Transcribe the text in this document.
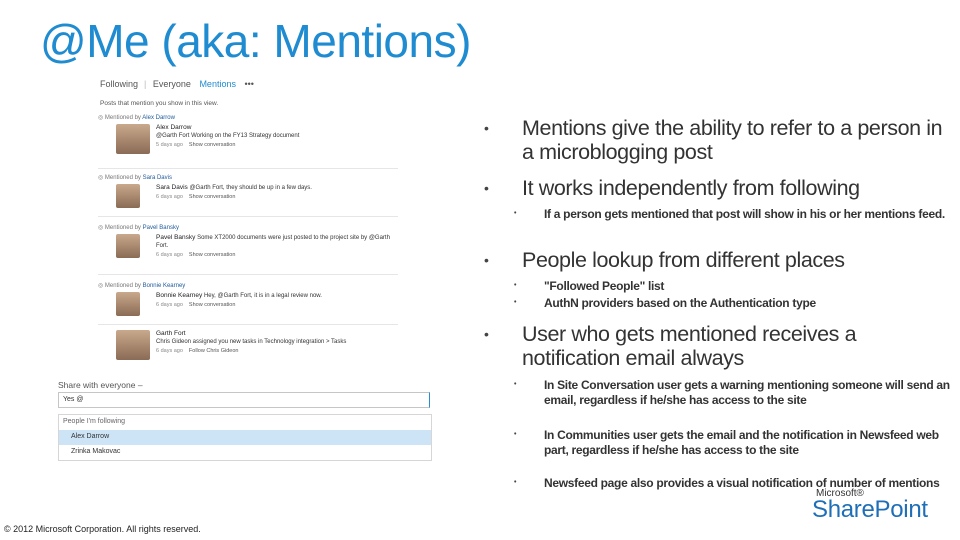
@Me (aka: Mentions)
Following | Everyone Mentions •••
Posts that mention you show in this view.
◎ Mentioned by Alex Darrow
Alex Darrow
@Garth Fort Working on the FY13 Strategy document
5 days ago Show conversation
◎ Mentioned by Sara Davis
Sara Davis @Garth Fort, they should be up in a few days.
6 days ago Show conversation
◎ Mentioned by Pavel Bansky
Pavel Bansky Some XT2000 documents were just posted to the project site by @Garth Fort.
6 days ago Show conversation
◎ Mentioned by Bonnie Kearney
Bonnie Kearney Hey, @Garth Fort, it is in a legal review now.
6 days ago Show conversation
Garth Fort
Chris Gideon assigned you new tasks in Technology integration > Tasks
6 days ago Follow Chris Gideon
Share with everyone –
Yes @
People I'm following
Alex Darrow
Zrinka Makovac
• Mentions give the ability to refer to a person in a microblogging post
• It works independently from following
• If a person gets mentioned that post will show in his or her mentions feed.
• People lookup from different places
• "Followed People" list
• AuthN providers based on the Authentication type
• User who gets mentioned receives a notification email always
• In Site Conversation user gets a warning mentioning someone will send an email, regardless if he/she has access to the site
• In Communities user gets the email and the notification in Newsfeed web part, regardless if he/she has access to the site
• Newsfeed page also provides a visual notification of number of mentions
Microsoft®
SharePoint
© 2012 Microsoft Corporation. All rights reserved.
